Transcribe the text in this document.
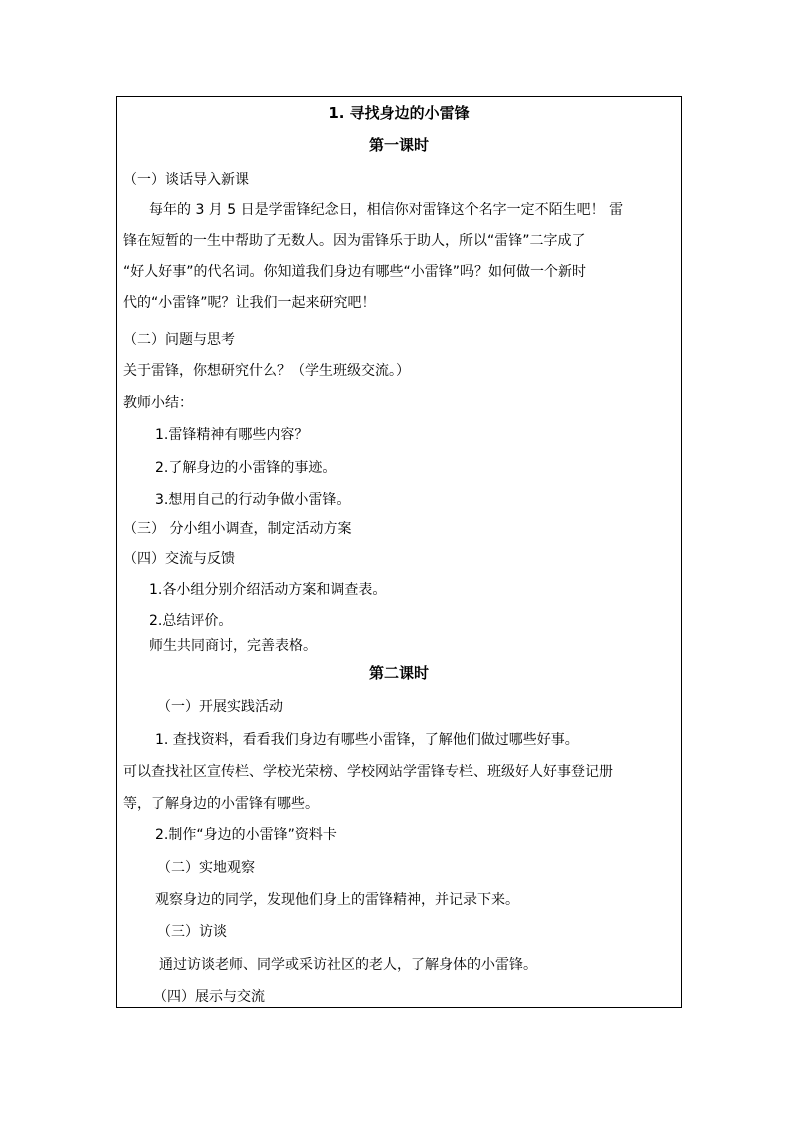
1. 寻找身边的小雷锋
第一课时
（一）谈话导入新课
每年的 3 月 5 日是学雷锋纪念日，相信你对雷锋这个名字一定不陌生吧！ 雷
锋在短暂的一生中帮助了无数人。因为雷锋乐于助人，所以“雷锋”二字成了
“好人好事”的代名词。你知道我们身边有哪些“小雷锋”吗？如何做一个新时
代的“小雷锋”呢？让我们一起来研究吧！
（二）问题与思考
关于雷锋，你想研究什么？（学生班级交流。）
教师小结：
1.雷锋精神有哪些内容？
2.了解身边的小雷锋的事迹。
3.想用自己的行动争做小雷锋。
（三） 分小组小调查，制定活动方案
（四）交流与反馈
1.各小组分别介绍活动方案和调查表。
2.总结评价。
师生共同商讨，完善表格。
第二课时
（一）开展实践活动
1. 查找资料，看看我们身边有哪些小雷锋，了解他们做过哪些好事。
可以查找社区宣传栏、学校光荣榜、学校网站学雷锋专栏、班级好人好事登记册
等，了解身边的小雷锋有哪些。
2.制作“身边的小雷锋”资料卡
（二）实地观察
观察身边的同学，发现他们身上的雷锋精神，并记录下来。
（三）访谈
通过访谈老师、同学或采访社区的老人，了解身体的小雷锋。
（四）展示与交流
